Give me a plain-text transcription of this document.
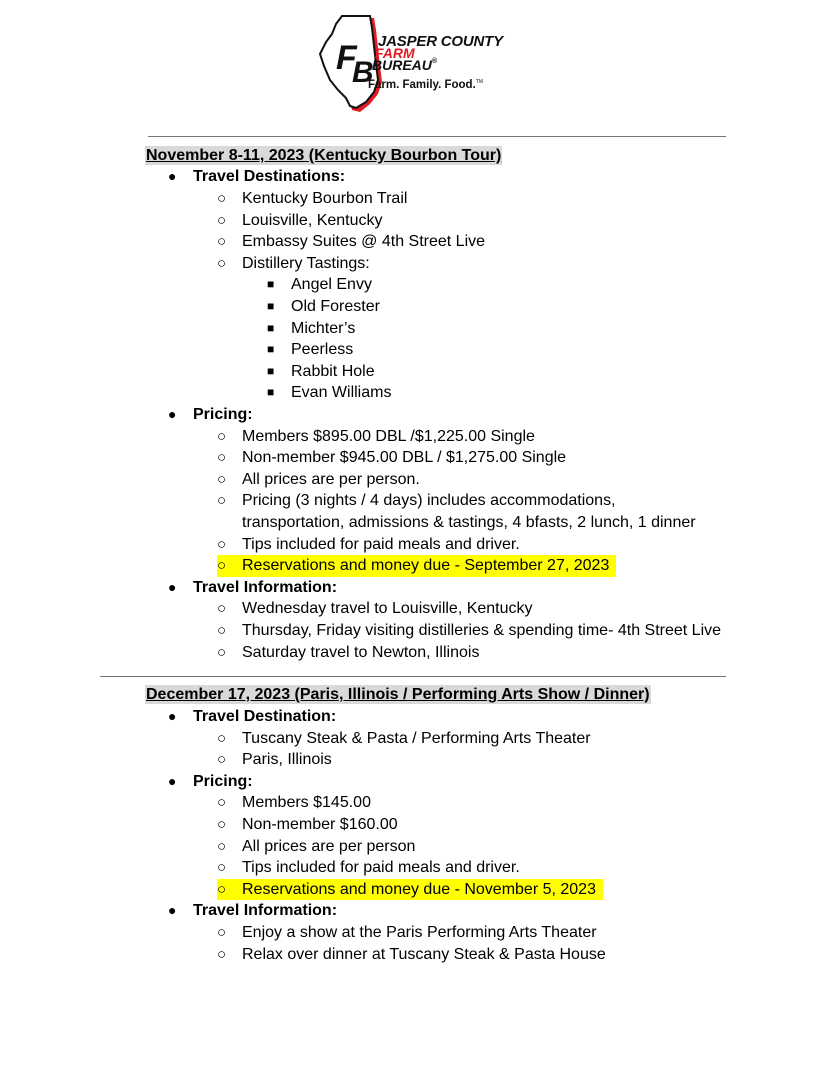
F
B
JASPER COUNTY
FARM
BUREAU®
Farm. Family. Food.™
November 8-11, 2023 (Kentucky Bourbon Tour)
● Travel Destinations:
○ Kentucky Bourbon Trail
○ Louisville, Kentucky
○ Embassy Suites @ 4th Street Live
○ Distillery Tastings:
■ Angel Envy
■ Old Forester
■ Michter’s
■ Peerless
■ Rabbit Hole
■ Evan Williams
● Pricing:
○ Members $895.00 DBL /$1,225.00 Single
○ Non-member $945.00 DBL / $1,275.00 Single
○ All prices are per person.
○ Pricing (3 nights / 4 days) includes accommodations,
transportation, admissions & tastings, 4 bfasts, 2 lunch, 1 dinner
○ Tips included for paid meals and driver.
○ Reservations and money due - September 27, 2023
● Travel Information:
○ Wednesday travel to Louisville, Kentucky
○ Thursday, Friday visiting distilleries & spending time- 4th Street Live
○ Saturday travel to Newton, Illinois
December 17, 2023 (Paris, Illinois / Performing Arts Show / Dinner)
● Travel Destination:
○ Tuscany Steak & Pasta / Performing Arts Theater
○ Paris, Illinois
● Pricing:
○ Members $145.00
○ Non-member $160.00
○ All prices are per person
○ Tips included for paid meals and driver.
○ Reservations and money due - November 5, 2023
● Travel Information:
○ Enjoy a show at the Paris Performing Arts Theater
○ Relax over dinner at Tuscany Steak & Pasta House
